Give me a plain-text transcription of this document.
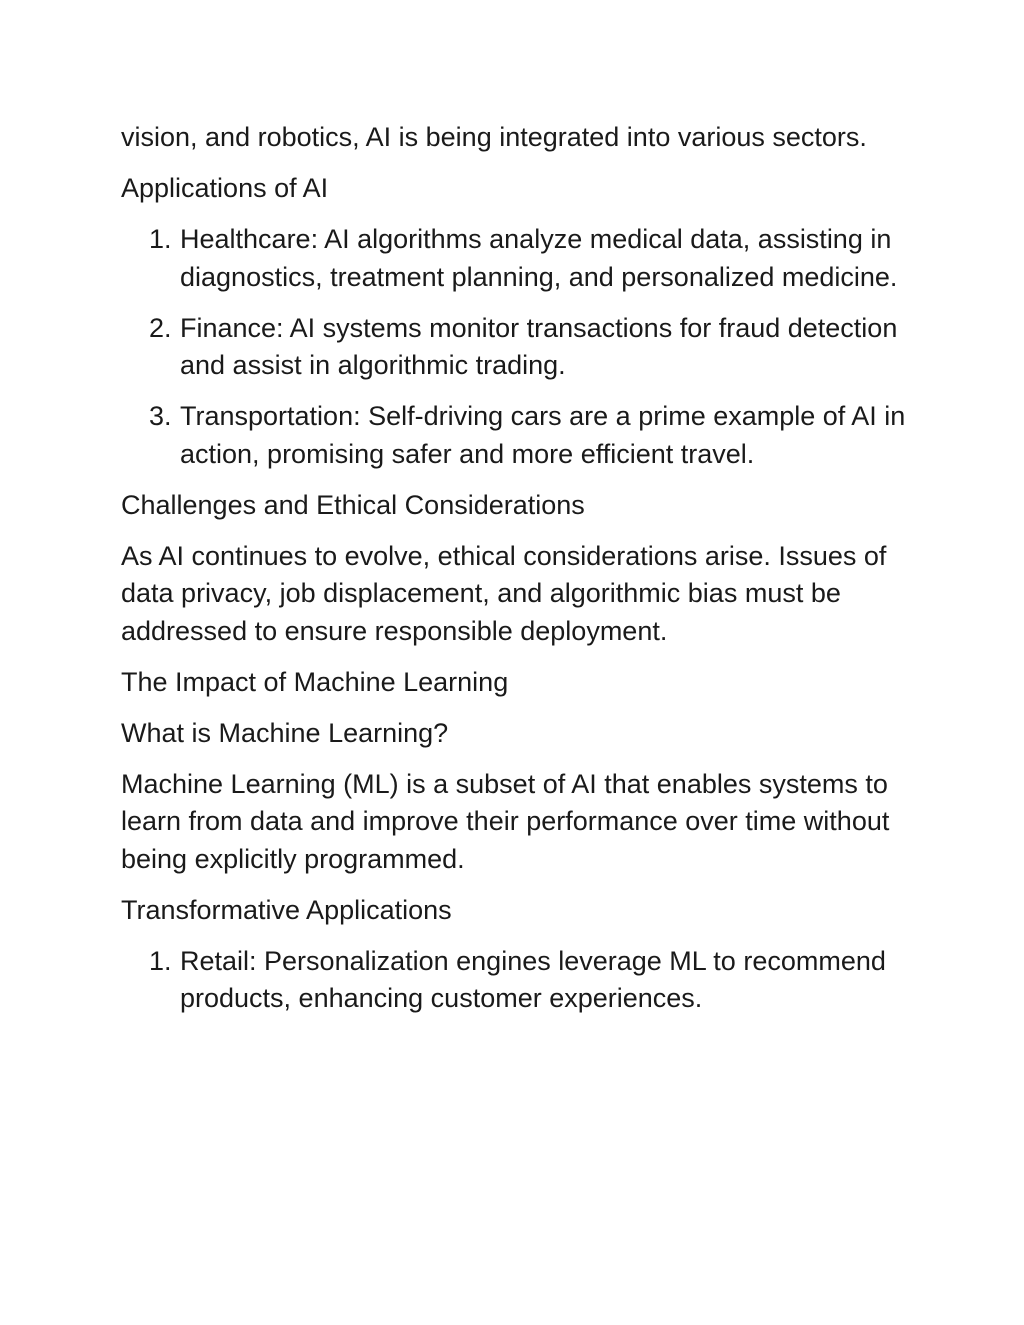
vision, and robotics, AI is being integrated into various sectors.

Applications of AI

1. Healthcare: AI algorithms analyze medical data, assisting in diagnostics, treatment planning, and personalized medicine.
2. Finance: AI systems monitor transactions for fraud detection and assist in algorithmic trading.
3. Transportation: Self-driving cars are a prime example of AI in action, promising safer and more efficient travel.

Challenges and Ethical Considerations

As AI continues to evolve, ethical considerations arise. Issues of data privacy, job displacement, and algorithmic bias must be addressed to ensure responsible deployment.

The Impact of Machine Learning

What is Machine Learning?

Machine Learning (ML) is a subset of AI that enables systems to learn from data and improve their performance over time without being explicitly programmed.

Transformative Applications

1. Retail: Personalization engines leverage ML to recommend products, enhancing customer experiences.
